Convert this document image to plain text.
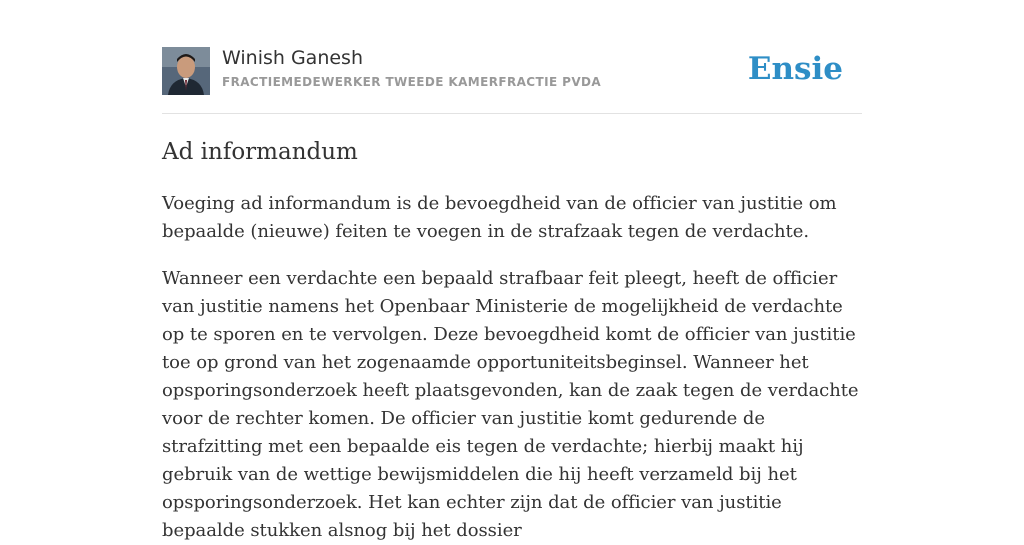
Winish Ganesh
FRACTIEMEDEWERKER TWEEDE KAMERFRACTIE PVDA	Ensie
Ad informandum

Voeging ad informandum is de bevoegdheid van de officier van justitie om bepaalde (nieuwe) feiten te voegen in de strafzaak tegen de verdachte.

Wanneer een verdachte een bepaald strafbaar feit pleegt, heeft de officier van justitie namens het Openbaar Ministerie de mogelijkheid de verdachte op te sporen en te vervolgen. Deze bevoegdheid komt de officier van justitie toe op grond van het zogenaamde opportuniteitsbeginsel. Wanneer het opsporingsonderzoek heeft plaatsgevonden, kan de zaak tegen de verdachte voor de rechter komen. De officier van justitie komt gedurende de strafzitting met een bepaalde eis tegen de verdachte; hierbij maakt hij gebruik van de wettige bewijsmiddelen die hij heeft verzameld bij het opsporingsonderzoek. Het kan echter zijn dat de officier van justitie bepaalde stukken alsnog bij het dossier
